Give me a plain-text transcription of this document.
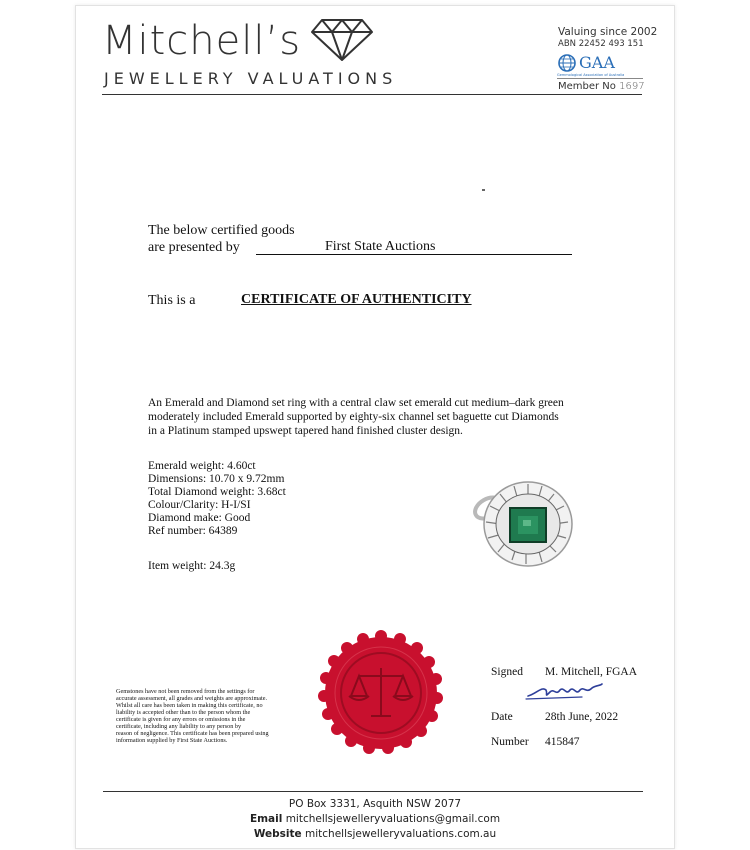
Mitchell’s
JEWELLERY VALUATIONS
Valuing since 2002
ABN 22452 493 151
GAA
Gemmological Association of Australia
Member No 1697
The below certified goods
are presented by	First State Auctions
This is a	CERTIFICATE OF AUTHENTICITY
An Emerald and Diamond set ring with a central claw set emerald cut medium–dark green
moderately included Emerald supported by eighty-six channel set baguette cut Diamonds
in a Platinum stamped upswept tapered hand finished cluster design.
Emerald weight: 4.60ct
Dimensions: 10.70 x 9.72mm
Total Diamond weight: 3.68ct
Colour/Clarity: H-I/SI
Diamond make: Good
Ref number: 64389
Item weight: 24.3g
Gemstones have not been removed from the settings for
accurate assessment, all grades and weights are approximate.
Whilst all care has been taken in making this certificate, no
liability is accepted other than to the person whom the
certificate is given for any errors or omissions in the
certificate, including any liability to any person by
reason of negligence. This certificate has been prepared using
information supplied by First State Auctions.
Signed M. Mitchell, FGAA
Date	28th June, 2022
Number 415847
PO Box 3331, Asquith NSW 2077
Email mitchellsjewelleryvaluations@gmail.com
Website mitchellsjewelleryvaluations.com.au
